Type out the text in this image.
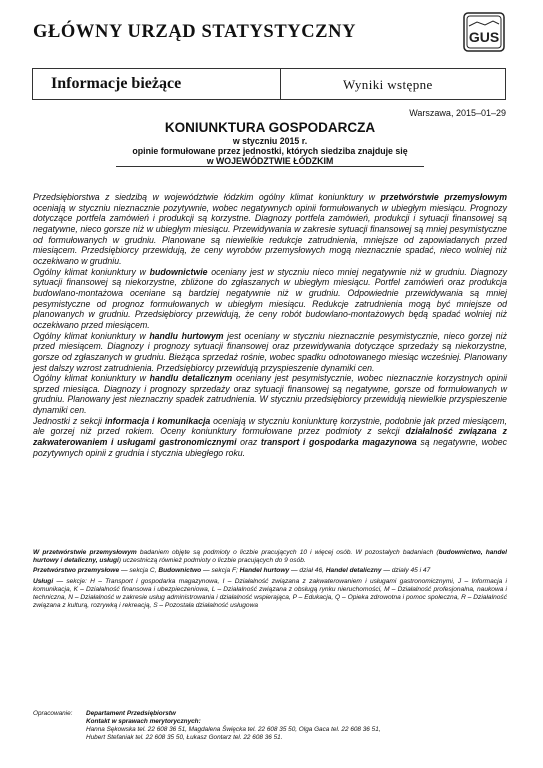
GŁÓWNY URZĄD STATYSTYCZNY	GUS
Informacje bieżące	Wyniki wstępne
Warszawa, 2015–01–29
KONIUNKTURA GOSPODARCZA
w styczniu 2015 r.
opinie formułowane przez jednostki, których siedziba znajduje się
w WOJEWÓDZTWIE ŁÓDZKIM

Przedsiębiorstwa z siedzibą w województwie łódzkim ogólny klimat koniunktury w przetwórstwie przemysłowym oceniają w styczniu nieznacznie pozytywnie, wobec negatywnych opinii formułowanych w ubiegłym miesiącu. Prognozy dotyczące portfela zamówień i produkcji są korzystne. Diagnozy portfela zamówień, produkcji i sytuacji finansowej są negatywne, nieco gorsze niż w ubiegłym miesiącu. Przewidywania w zakresie sytuacji finansowej są mniej pesymistyczne od formułowanych w grudniu. Planowane są niewielkie redukcje zatrudnienia, mniejsze od zapowiadanych przed miesiącem. Przedsiębiorcy przewidują, że ceny wyrobów przemysłowych mogą nieznacznie spadać, nieco wolniej niż oczekiwano w grudniu.

Ogólny klimat koniunktury w budownictwie oceniany jest w styczniu nieco mniej negatywnie niż w grudniu. Diagnozy sytuacji finansowej są niekorzystne, zbliżone do zgłaszanych w ubiegłym miesiącu. Portfel zamówień oraz produkcja budowlano-montażowa oceniane są bardziej negatywnie niż w grudniu. Odpowiednie przewidywania są mniej pesymistyczne od prognoz formułowanych w ubiegłym miesiącu. Redukcje zatrudnienia mogą być mniejsze od planowanych w grudniu. Przedsiębiorcy przewidują, że ceny robót budowlano-montażowych będą spadać wolniej niż oczekiwano przed miesiącem.

Ogólny klimat koniunktury w handlu hurtowym jest oceniany w styczniu nieznacznie pesymistycznie, nieco gorzej niż przed miesiącem. Diagnozy i prognozy sytuacji finansowej oraz przewidywania dotyczące sprzedaży są niekorzystne, gorsze od zgłaszanych w grudniu. Bieżąca sprzedaż rośnie, wobec spadku odnotowanego miesiąc wcześniej. Planowany jest dalszy wzrost zatrudnienia. Przedsiębiorcy przewidują przyspieszenie dynamiki cen.

Ogólny klimat koniunktury w handlu detalicznym oceniany jest pesymistycznie, wobec nieznacznie korzystnych opinii sprzed miesiąca. Diagnozy i prognozy sprzedaży oraz sytuacji finansowej są negatywne, gorsze od formułowanych w grudniu. Planowany jest nieznaczny spadek zatrudnienia. W styczniu przedsiębiorcy przewidują niewielkie przyspieszenie dynamiki cen.

Jednostki z sekcji informacja i komunikacja oceniają w styczniu koniunkturę korzystnie, podobnie jak przed miesiącem, ale gorzej niż przed rokiem. Oceny koniunktury formułowane przez podmioty z sekcji działalność związana z zakwaterowaniem i usługami gastronomicznymi oraz transport i gospodarka magazynowa są negatywne, wobec pozytywnych opinii z grudnia i stycznia ubiegłego roku.

W przetwórstwie przemysłowym badaniem objęte są podmioty o liczbie pracujących 10 i więcej osób. W pozostałych badaniach (budownictwo, handel hurtowy i detaliczny, usługi) uczestniczą również podmioty o liczbie pracujących do 9 osób.

Przetwórstwo przemysłowe — sekcja C, Budownictwo — sekcja F; Handel hurtowy — dział 46, Handel detaliczny — działy 45 i 47

Usługi — sekcje: H – Transport i gospodarka magazynowa, I – Działalność związana z zakwaterowaniem i usługami gastronomicznymi, J – Informacja i komunikacja, K – Działalność finansowa i ubezpieczeniowa, L – Działalność związana z obsługą rynku nieruchomości, M – Działalność profesjonalna, naukowa i techniczna, N – Działalność w zakresie usług administrowania i działalność wspierająca, P – Edukacja, Q – Opieka zdrowotna i pomoc społeczna, R – Działalność związana z kulturą, rozrywką i rekreacją, S – Pozostała działalność usługowa

Opracowanie: Departament Przedsiębiorstw
Kontakt w sprawach merytorycznych:
Hanna Sękowska tel. 22 608 36 51, Magdalena Święcka tel. 22 608 35 50, Olga Gaca tel. 22 608 36 51,
Hubert Stefaniak tel. 22 608 35 50, Łukasz Gontarz tel. 22 608 36 51.
